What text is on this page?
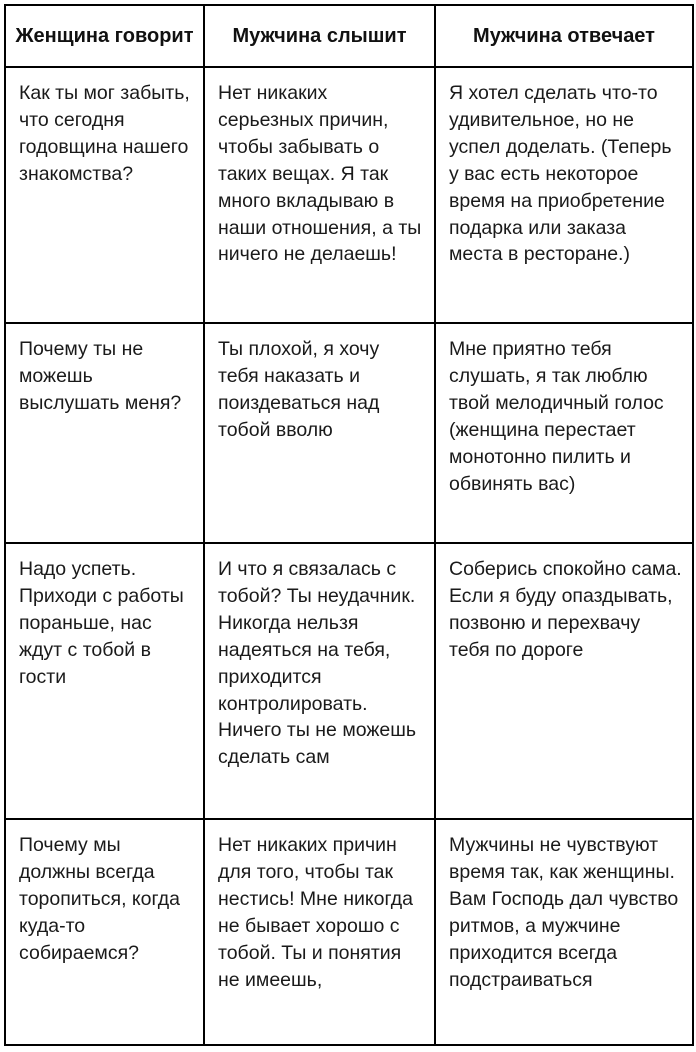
Женщина говорит	Мужчина слышит	Мужчина отвечает
Как ты мог забыть, что сегодня годовщина нашего знакомства?	Нет никаких серьезных причин, чтобы забывать о таких вещах. Я так много вкладываю в наши отношения, а ты ничего не делаешь!	Я хотел сделать что-то удивительное, но не успел доделать. (Теперь у вас есть некоторое время на приобретение подарка или заказа места в ресторане.)
Почему ты не можешь выслушать меня?	Ты плохой, я хочу тебя наказать и поиздеваться над тобой вволю	Мне приятно тебя слушать, я так люблю твой мелодичный голос (женщина перестает монотонно пилить и обвинять вас)
Надо успеть. Приходи с работы пораньше, нас ждут с тобой в гости	И что я связалась с тобой? Ты неудачник. Никогда нельзя надеяться на тебя, приходится контролировать. Ничего ты не можешь сделать сам	Соберись спокойно сама. Если я буду опаздывать, позвоню и перехвачу тебя по дороге
Почему мы должны всегда торопиться, когда куда-то собираемся?	Нет никаких причин для того, чтобы так нестись! Мне никогда не бывает хорошо с тобой. Ты и понятия не имеешь,	Мужчины не чувствуют время так, как женщины. Вам Господь дал чувство ритмов, а мужчине приходится всегда подстраиваться
